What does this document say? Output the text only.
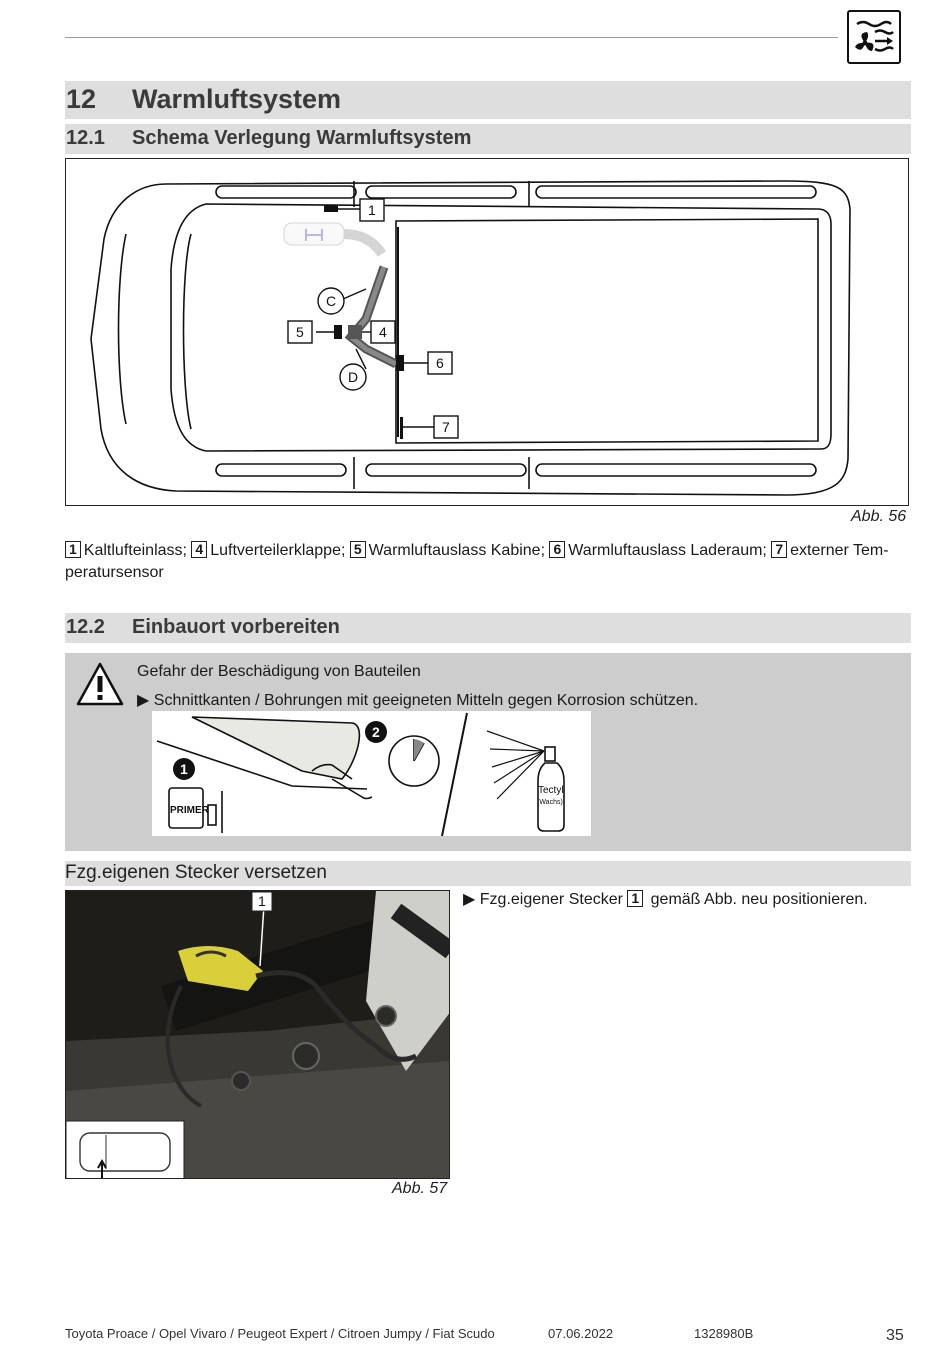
12 Warmluftsystem
12.1 Schema Verlegung Warmluftsystem
1
5	4
6
7
C
D
Abb. 56
1 Kaltlufteinlass; 4 Luftverteilerklappe; 5 Warmluftauslass Kabine; 6 Warmluftauslass Laderaum; 7 externer Tem-
peratursensor
12.2 Einbauort vorbereiten
Gefahr der Beschädigung von Bauteilen
▶ Schnittkanten / Bohrungen mit geeigneten Mitteln gegen Korrosion schützen.
1
2
PRIMER
Tectyl
(Wachs)
Fzg.eigenen Stecker versetzen
1
Abb. 57
▶ Fzg.eigener Stecker 1 gemäß Abb. neu positionieren.
Toyota Proace / Opel Vivaro / Peugeot Expert / Citroen Jumpy / Fiat Scudo	07.06.2022	1328980B	35
